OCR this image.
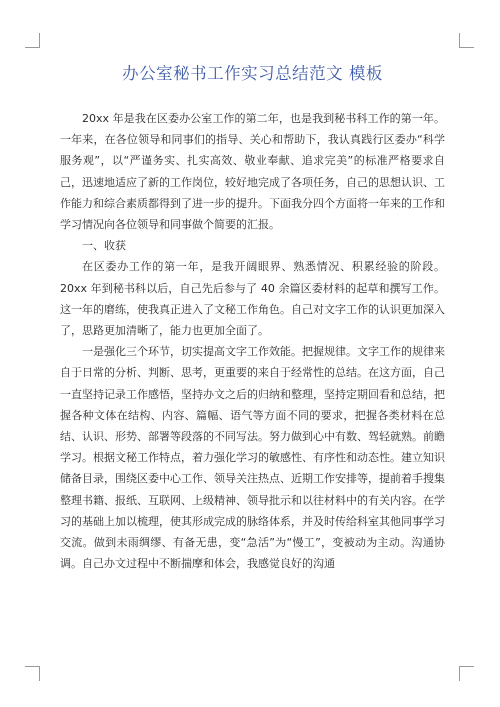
办公室秘书工作实习总结范文 模板

20xx 年是我在区委办公室工作的第二年，也是我到秘书科工作的第一年。一年来，在各位领导和同事们的指导、关心和帮助下，我认真践行区委办“科学服务观”，以“严谨务实、扎实高效、敬业奉献、追求完美”的标准严格要求自己，迅速地适应了新的工作岗位，较好地完成了各项任务，自己的思想认识、工作能力和综合素质都得到了进一步的提升。下面我分四个方面将一年来的工作和学习情况向各位领导和同事做个简要的汇报。

一、收获

在区委办工作的第一年，是我开阔眼界、熟悉情况、积累经验的阶段。20xx 年到秘书科以后，自己先后参与了 40 余篇区委材料的起草和撰写工作。这一年的磨练，使我真正进入了文秘工作角色。自己对文字工作的认识更加深入了，思路更加清晰了，能力也更加全面了。

一是强化三个环节，切实提高文字工作效能。把握规律。文字工作的规律来自于日常的分析、判断、思考，更重要的来自于经常性的总结。在这方面，自己一直坚持记录工作感悟，坚持办文之后的归纳和整理，坚持定期回看和总结，把握各种文体在结构、内容、篇幅、语气等方面不同的要求，把握各类材料在总结、认识、形势、部署等段落的不同写法。努力做到心中有数、驾轻就熟。前瞻学习。根据文秘工作特点，着力强化学习的敏感性、有序性和动态性。建立知识储备目录，围绕区委中心工作、领导关注热点、近期工作安排等，提前着手搜集整理书籍、报纸、互联网、上级精神、领导批示和以往材料中的有关内容。在学习的基础上加以梳理，使其形成完成的脉络体系，并及时传给科室其他同事学习交流。做到未雨绸缪、有备无患，变“急活”为“慢工”，变被动为主动。沟通协调。自己办文过程中不断揣摩和体会，我感觉良好的沟通
